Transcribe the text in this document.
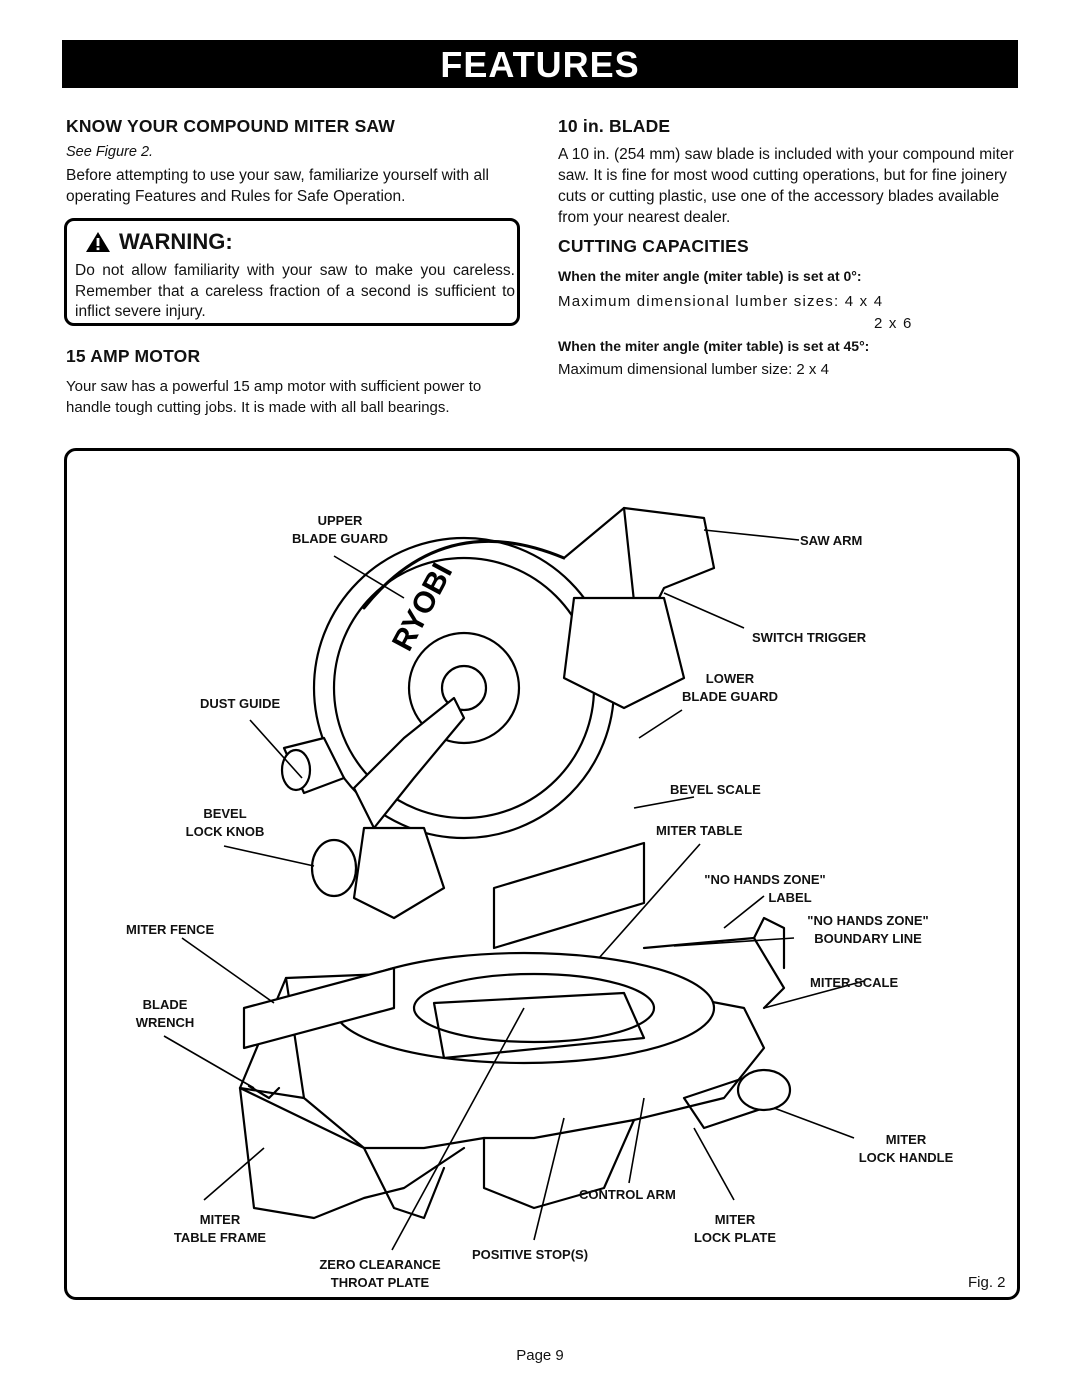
FEATURES
KNOW YOUR COMPOUND MITER SAW
See Figure 2.
Before attempting to use your saw, familiarize yourself with all operating Features and Rules for Safe Operation.
WARNING:
Do not allow familiarity with your saw to make you careless. Remember that a careless fraction of a second is sufficient to inflict severe injury.
15 AMP MOTOR
Your saw has a powerful 15 amp motor with sufficient power to handle tough cutting jobs. It is made with all ball bearings.
10 in. BLADE
A 10 in. (254 mm) saw blade is included with your compound miter saw. It is fine for most wood cutting operations, but for fine joinery cuts or cutting plastic, use one of the accessory blades available from your nearest dealer.
CUTTING CAPACITIES
When the miter angle (miter table) is set at 0°:
Maximum dimensional lumber sizes: 4 x 4
2 x 6
When the miter angle (miter table) is set at 45°:
Maximum dimensional lumber size: 2 x 4
RYOBI
UPPER
BLADE GUARD	SAW ARM
SWITCH TRIGGER
LOWER
BLADE GUARD
DUST GUIDE
BEVEL SCALE
BEVEL
LOCK KNOB	MITER TABLE
"NO HANDS ZONE"
LABEL
MITER FENCE
"NO HANDS ZONE"
BOUNDARY LINE
MITER SCALE
BLADE
WRENCH
MITER
LOCK HANDLE
CONTROL ARM
MITER
TABLE FRAME
MITER
LOCK PLATE
POSITIVE STOP(S)
ZERO CLEARANCE
THROAT PLATE	Fig. 2
Page 9
